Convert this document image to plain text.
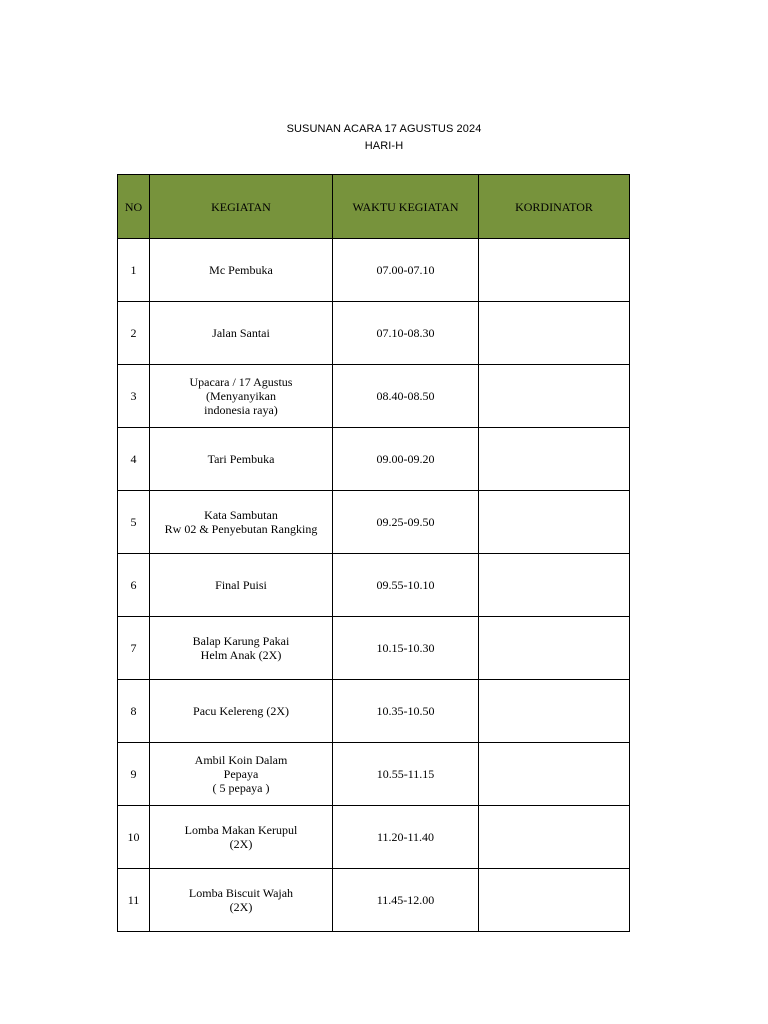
SUSUNAN ACARA 17 AGUSTUS 2024
HARI-H
NO	KEGIATAN	WAKTU KEGIATAN	KORDINATOR
1	Mc Pembuka	07.00-07.10	
2	Jalan Santai	07.10-08.30	
3	Upacara / 17 Agustus
(Menyanyikan
indonesia raya)	08.40-08.50	
4	Tari Pembuka	09.00-09.20	
5	Kata Sambutan
Rw 02 & Penyebutan Rangking	09.25-09.50	
6	Final Puisi	09.55-10.10	
7	Balap Karung Pakai
Helm Anak (2X)	10.15-10.30	
8	Pacu Kelereng (2X)	10.35-10.50	
9	Ambil Koin Dalam
Pepaya
( 5 pepaya )	10.55-11.15	
10	Lomba Makan Kerupul
(2X)	11.20-11.40	
11	Lomba Biscuit Wajah
(2X)	11.45-12.00	
